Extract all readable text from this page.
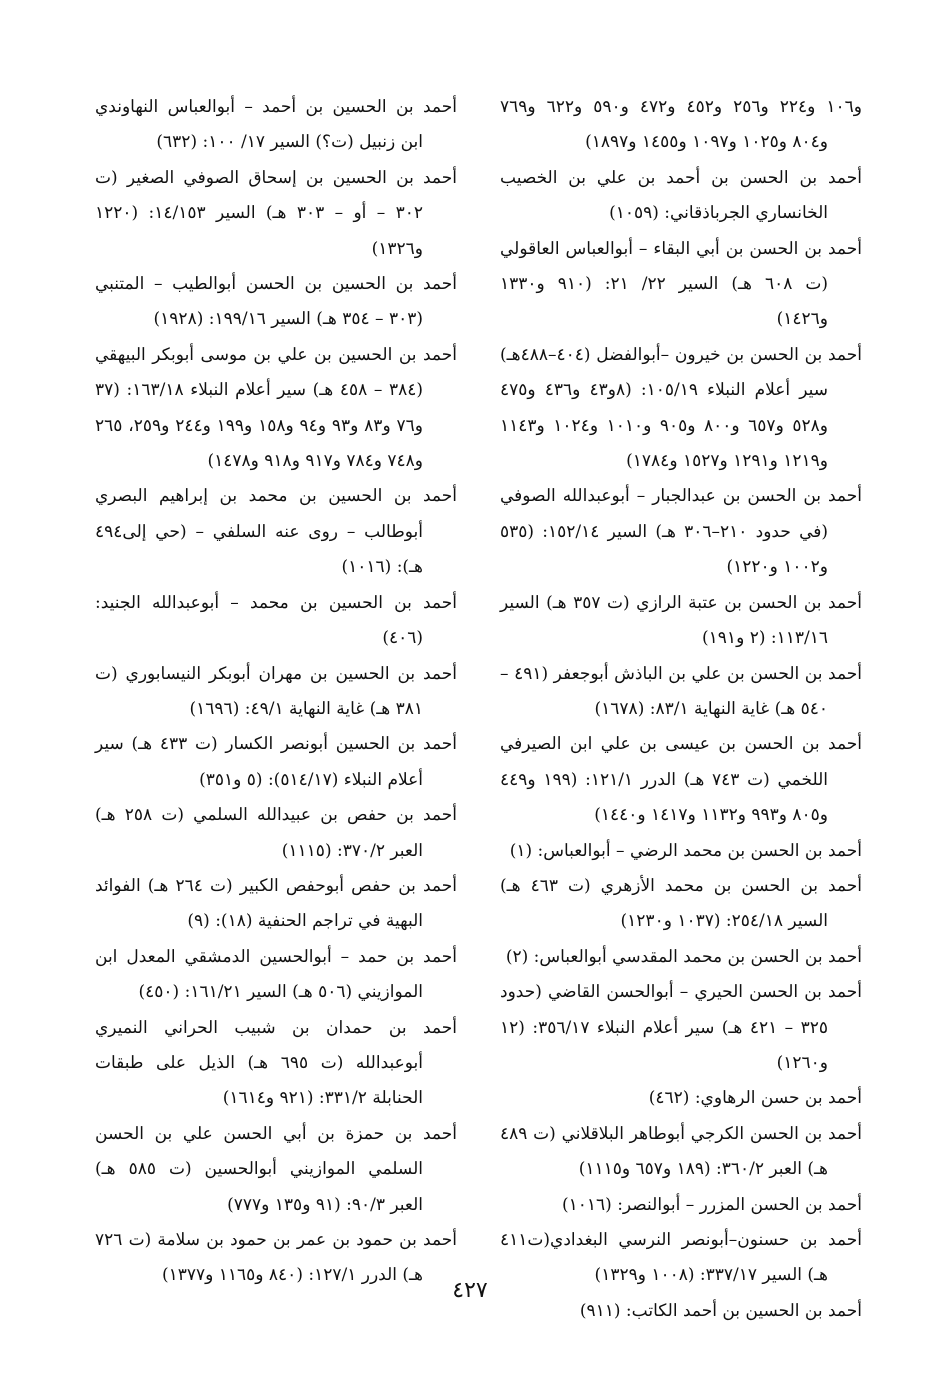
و١٠٦ و٢٢٤ و٢٥٦ و٤٥٢ و٤٧٢ و٥٩٠ و٦٢٢ و٧٦٩ و٨٠٤ و١٠٢٥ و١٠٩٧ و١٤٥٥ و١٨٩٧)

أحمد بن الحسن بن أحمد بن علي بن الخصيب الخانساري الجرباذقاني: (١٠٥٩)

أحمد بن الحسن بن أبي البقاء – أبوالعباس العاقولي (ت ٦٠٨ هـ) السير ٢٢/ ٢١: (٩١٠ و١٣٣٠ و١٤٢٦)

أحمد بن الحسن بن خيرون –أبوالفضل (٤٠٤–٤٨٨هـ) سير أعلام النبلاء ١٠٥/١٩: (٨و٤٣ و٤٣٦ و٤٧٥ و٥٢٨ و٦٥٧ و٨٠٠ و٩٠٥ و١٠١٠ و١٠٢٤ و١١٤٣ و١٢١٩ و١٢٩١ و١٥٢٧ و١٧٨٤)

أحمد بن الحسن بن عبدالجبار – أبوعبدالله الصوفي (في حدود ٢١٠–٣٠٦ هـ) السير ١٥٢/١٤: (٥٣٥ و١٠٠٢ و١٢٢٠)

أحمد بن الحسن بن عتبة الرازي (ت ٣٥٧ هـ) السير ١١٣/١٦: (٢ و١٩١)

أحمد بن الحسن بن علي بن الباذش أبوجعفر (٤٩١ – ٥٤٠ هـ) غاية النهاية ٨٣/١: (١٦٧٨)

أحمد بن الحسن بن عيسى بن علي ابن الصيرفي اللخمي (ت ٧٤٣ هـ) الدرر ١٢١/١: (١٩٩ و٤٤٩ و٨٠٥ و٩٩٣ و١١٣٢ و١٤١٧ و١٤٤٠)

أحمد بن الحسن بن محمد الرضي – أبوالعباس: (١)

أحمد بن الحسن بن محمد الأزهري (ت ٤٦٣ هـ) السير ٢٥٤/١٨: (١٠٣٧ و١٢٣٠)

أحمد بن الحسن بن محمد المقدسي أبوالعباس: (٢)

أحمد بن الحسن الحيري – أبوالحسن القاضي (حدود ٣٢٥ – ٤٢١ هـ) سير أعلام النبلاء ٣٥٦/١٧: (١٢ و١٢٦٠)

أحمد بن حسن الرهاوي: (٤٦٢)

أحمد بن الحسن الكرجي أبوطاهر البلاقلاني (ت ٤٨٩ هـ) العبر ٣٦٠/٢: (١٨٩ و٦٥٧ و١١١٥)

أحمد بن الحسن المزرر – أبوالنصر: (١٠١٦)

أحمد بن حسنون–أبونصر النرسي البغدادي(ت٤١١ هـ) السير ٣٣٧/١٧: (١٠٠٨ و١٣٢٩)

أحمد بن الحسين بن أحمد الكاتب: (٩١١)

أحمد بن الحسين بن أحمد – أبوالعباس النهاوندي ابن زنبيل (ت؟) السير ١٧/ ١٠٠: (٦٣٢)

أحمد بن الحسين بن إسحاق الصوفي الصغير (ت ٣٠٢ – أو – ٣٠٣ هـ) السير ١٤/١٥٣: (١٢٢٠ و١٣٢٦)

أحمد بن الحسين بن الحسن أبوالطيب – المتنبي (٣٠٣ – ٣٥٤ هـ) السير ١٩٩/١٦: (١٩٢٨)

أحمد بن الحسين بن علي بن موسى أبوبكر البيهقي (٣٨٤ – ٤٥٨ هـ) سير أعلام النبلاء ١٦٣/١٨: (٣٧ و٧٦ و٨٣ و٩٣ و٩٤ و١٥٨ و١٩٩ و٢٤٤ و٢٥٩، ٢٦٥ و٧٤٨ و٧٨٤ و٩١٧ و٩١٨ و١٤٧٨)

أحمد بن الحسين بن محمد بن إبراهيم البصري أبوطالب – روى عنه السلفي – (حي إلى٤٩٤ هـ): (١٠١٦)

أحمد بن الحسين بن محمد – أبوعبدالله الجنيد: (٤٠٦)

أحمد بن الحسين بن مهران أبوبكر النيسابوري (ت ٣٨١ هـ) غاية النهاية ٤٩/١: (١٦٩٦)

أحمد بن الحسين أبونصر الكسار (ت ٤٣٣ هـ) سير أعلام النبلاء (٥١٤/١٧): (٥ و٣٥١)

أحمد بن حفص بن عبيدالله السلمي (ت ٢٥٨ هـ) العبر ٣٧٠/٢: (١١١٥)

أحمد بن حفص أبوحفص الكبير (ت ٢٦٤ هـ) الفوائد البهية في تراجم الحنفية (١٨): (٩)

أحمد بن حمد – أبوالحسين الدمشقي المعدل ابن الموازيني (٥٠٦ هـ) السير ١٦١/٢١: (٤٥٠)

أحمد بن حمدان بن شبيب الحراني النميري أبوعبدالله (ت ٦٩٥ هـ) الذيل على طبقات الحنابلة ٣٣١/٢: (٩٢١ و١٦١٤)

أحمد بن حمزة بن أبي الحسن علي بن الحسن السلمي الموازيني أبوالحسين (ت ٥٨٥ هـ) العبر ٩٠/٣: (٩١ و١٣٥ و٧٧٧)

أحمد بن حمود بن عمر بن حمود بن سلامة (ت ٧٢٦ هـ) الدرر ١٢٧/١: (٨٤٠ و١١٦٥ و١٣٧٧)

٤٢٧
